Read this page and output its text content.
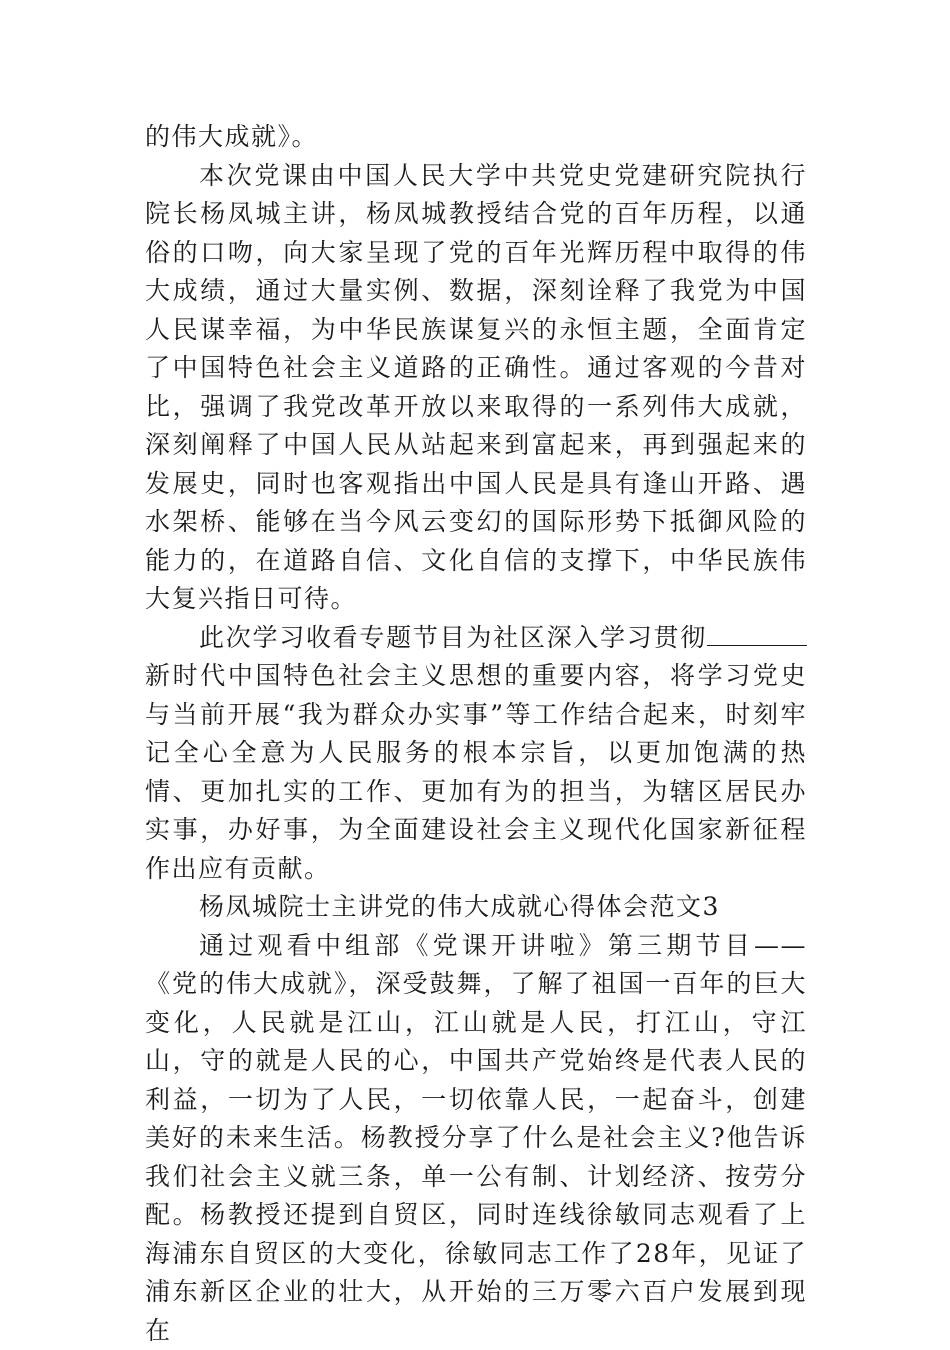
的伟大成就》。

本次党课由中国人民大学中共党史党建研究院执行院长杨凤城主讲，杨凤城教授结合党的百年历程，以通俗的口吻，向大家呈现了党的百年光辉历程中取得的伟大成绩，通过大量实例、数据，深刻诠释了我党为中国人民谋幸福，为中华民族谋复兴的永恒主题，全面肯定了中国特色社会主义道路的正确性。通过客观的今昔对比，强调了我党改革开放以来取得的一系列伟大成就，深刻阐释了中国人民从站起来到富起来，再到强起来的发展史，同时也客观指出中国人民是具有逢山开路、遇水架桥、能够在当今风云变幻的国际形势下抵御风险的能力的，在道路自信、文化自信的支撑下，中华民族伟大复兴指日可待。

此次学习收看专题节目为社区深入学习贯彻新时代中国特色社会主义思想的重要内容，将学习党史与当前开展“我为群众办实事”等工作结合起来，时刻牢记全心全意为人民服务的根本宗旨，以更加饱满的热情、更加扎实的工作、更加有为的担当，为辖区居民办实事，办好事，为全面建设社会主义现代化国家新征程作出应有贡献。

杨凤城院士主讲党的伟大成就心得体会范文3

通过观看中组部《党课开讲啦》第三期节目——《党的伟大成就》，深受鼓舞，了解了祖国一百年的巨大变化，人民就是江山，江山就是人民，打江山，守江山，守的就是人民的心，中国共产党始终是代表人民的利益，一切为了人民，一切依靠人民，一起奋斗，创建美好的未来生活。杨教授分享了什么是社会主义?他告诉我们社会主义就三条，单一公有制、计划经济、按劳分配。杨教授还提到自贸区，同时连线徐敏同志观看了上海浦东自贸区的大变化，徐敏同志工作了28年，见证了浦东新区企业的壮大，从开始的三万零六百户发展到现在
